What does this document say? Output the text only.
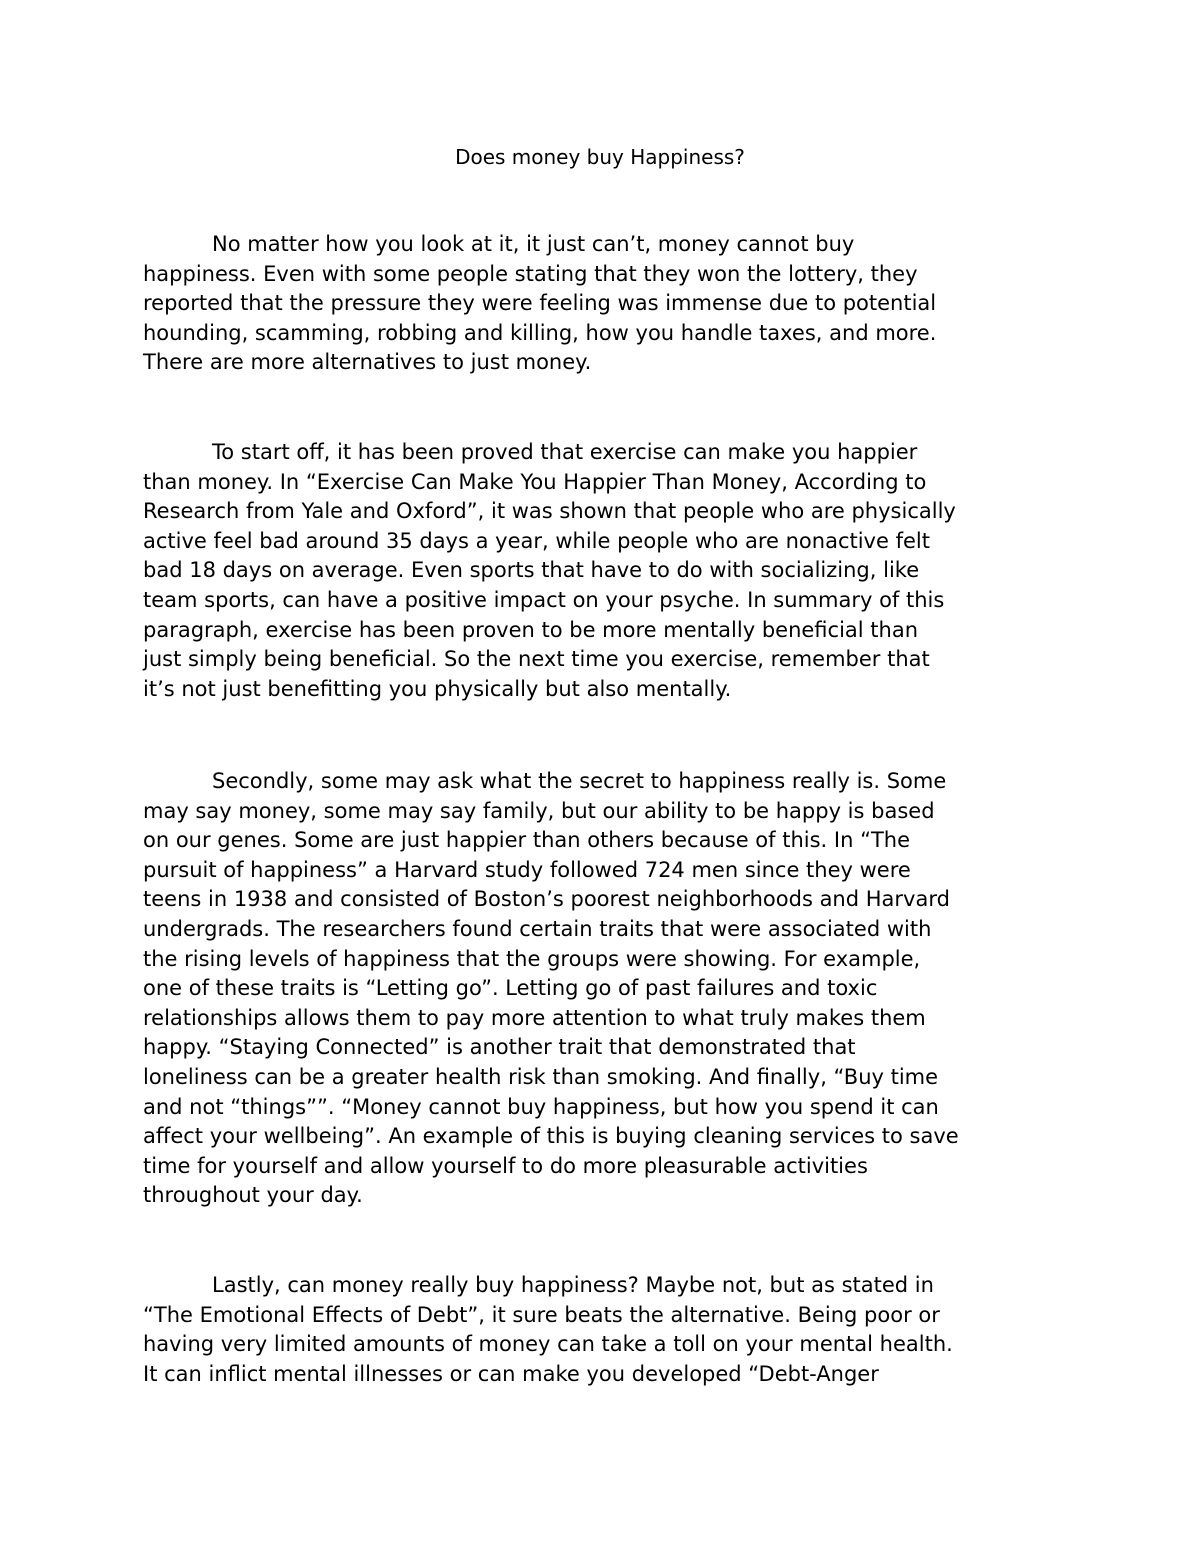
Does money buy Happiness?

No matter how you look at it, it just can’t, money cannot buy
happiness. Even with some people stating that they won the lottery, they
reported that the pressure they were feeling was immense due to potential
hounding, scamming, robbing and killing, how you handle taxes, and more.
There are more alternatives to just money.

To start off, it has been proved that exercise can make you happier
than money. In “Exercise Can Make You Happier Than Money, According to
Research from Yale and Oxford”, it was shown that people who are physically
active feel bad around 35 days a year, while people who are nonactive felt
bad 18 days on average. Even sports that have to do with socializing, like
team sports, can have a positive impact on your psyche. In summary of this
paragraph, exercise has been proven to be more mentally beneficial than
just simply being beneficial. So the next time you exercise, remember that
it’s not just benefitting you physically but also mentally.

Secondly, some may ask what the secret to happiness really is. Some
may say money, some may say family, but our ability to be happy is based
on our genes. Some are just happier than others because of this. In “The
pursuit of happiness” a Harvard study followed 724 men since they were
teens in 1938 and consisted of Boston’s poorest neighborhoods and Harvard
undergrads. The researchers found certain traits that were associated with
the rising levels of happiness that the groups were showing. For example,
one of these traits is “Letting go”. Letting go of past failures and toxic
relationships allows them to pay more attention to what truly makes them
happy. “Staying Connected” is another trait that demonstrated that
loneliness can be a greater health risk than smoking. And finally, “Buy time
and not “things””. “Money cannot buy happiness, but how you spend it can
affect your wellbeing”. An example of this is buying cleaning services to save
time for yourself and allow yourself to do more pleasurable activities
throughout your day.

Lastly, can money really buy happiness? Maybe not, but as stated in
“The Emotional Effects of Debt”, it sure beats the alternative. Being poor or
having very limited amounts of money can take a toll on your mental health.
It can inflict mental illnesses or can make you developed “Debt-Anger
